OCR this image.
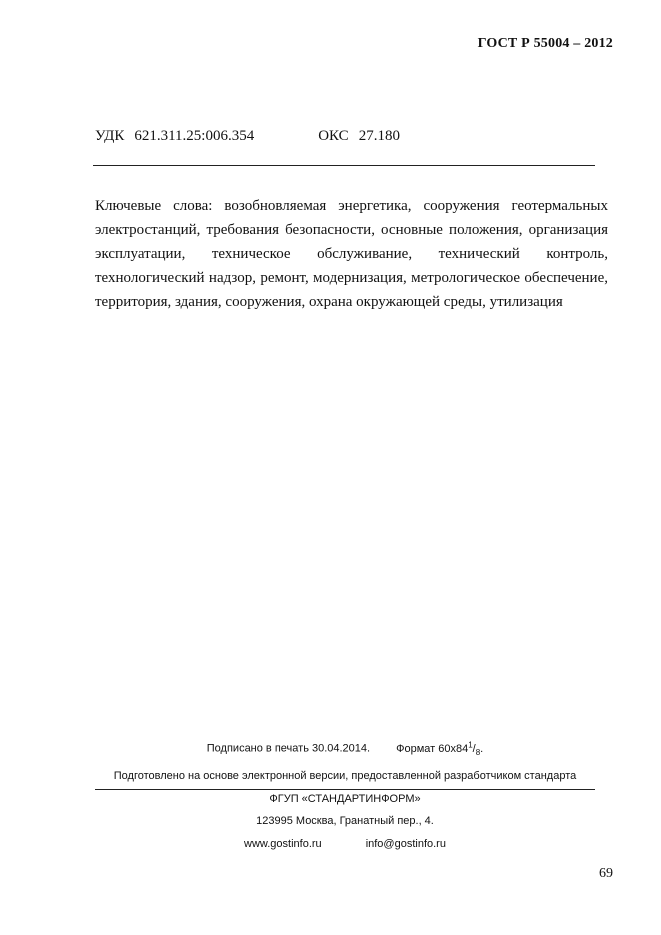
ГОСТ Р 55004 – 2012
УДК 621.311.25:006.354	ОКС 27.180

Ключевые слова: возобновляемая энергетика, сооружения геотермальных электростанций, требования безопасности, основные положения, организация эксплуатации, техническое обслуживание, технический контроль, технологический надзор, ремонт, модернизация, метрологическое обеспечение, территория, здания, сооружения, охрана окружающей среды, утилизация

Подписано в печать 30.04.2014. Формат $60x84^1/_8$.
Подготовлено на основе электронной версии, предоставленной разработчиком стандарта
ФГУП «СТАНДАРТИНФОРМ»
123995 Москва, Гранатный пер., 4.
www.gostinfo.ru	info@gostinfo.ru
69
